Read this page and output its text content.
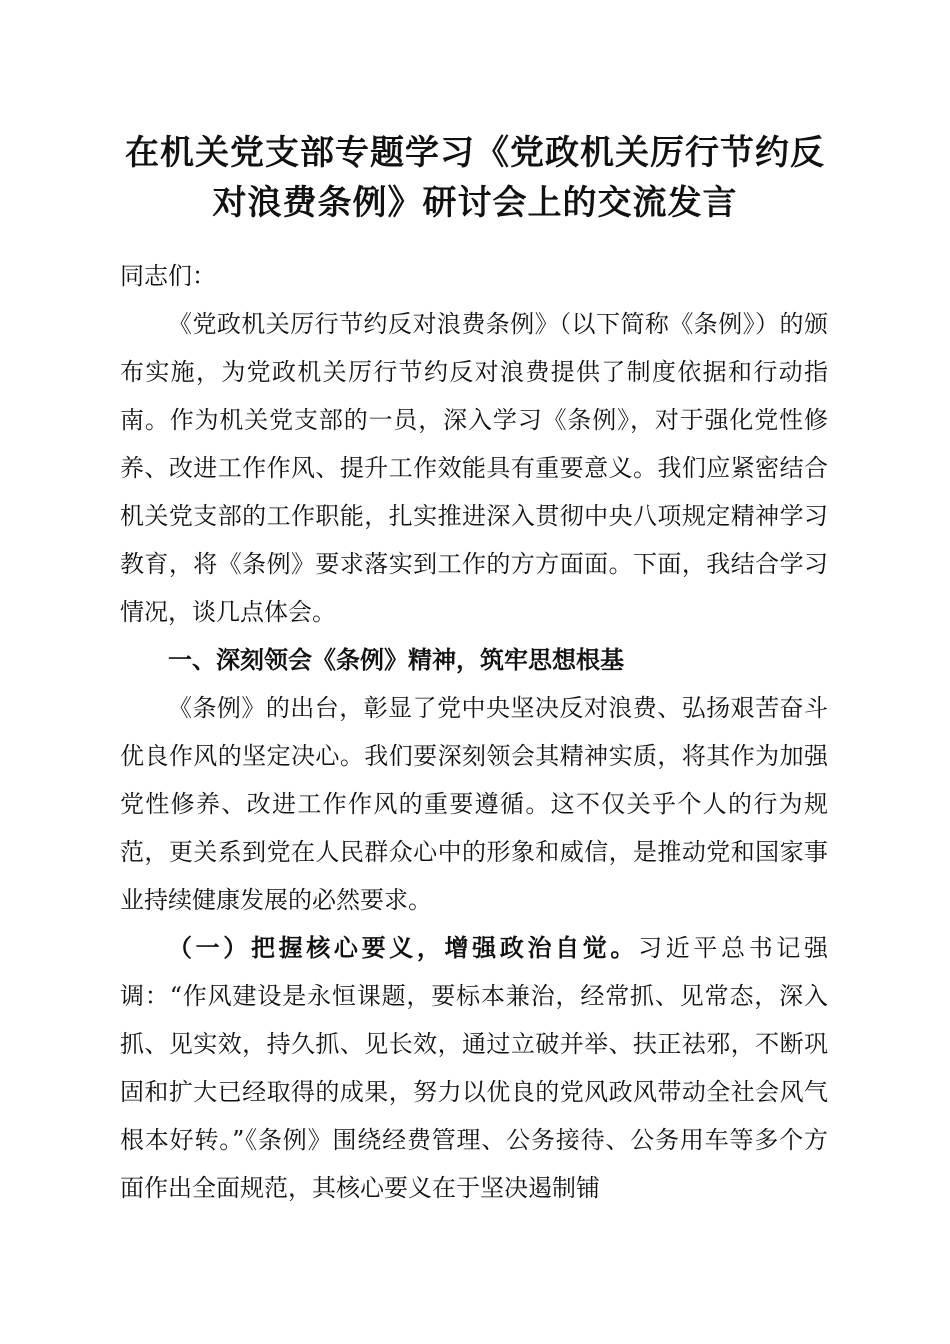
在机关党支部专题学习《党政机关厉行节约反
对浪费条例》研讨会上的交流发言

同志们：

《党政机关厉行节约反对浪费条例》（以下简称《条例》）的颁布实施，为党政机关厉行节约反对浪费提供了制度依据和行动指南。作为机关党支部的一员，深入学习《条例》，对于强化党性修养、改进工作作风、提升工作效能具有重要意义。我们应紧密结合机关党支部的工作职能，扎实推进深入贯彻中央八项规定精神学习教育，将《条例》要求落实到工作的方方面面。下面，我结合学习情况，谈几点体会。

一、深刻领会《条例》精神，筑牢思想根基

《条例》的出台，彰显了党中央坚决反对浪费、弘扬艰苦奋斗优良作风的坚定决心。我们要深刻领会其精神实质，将其作为加强党性修养、改进工作作风的重要遵循。这不仅关乎个人的行为规范，更关系到党在人民群众心中的形象和威信，是推动党和国家事业持续健康发展的必然要求。

（一）把握核心要义，增强政治自觉。习近平总书记强调：“作风建设是永恒课题，要标本兼治，经常抓、见常态，深入抓、见实效，持久抓、见长效，通过立破并举、扶正祛邪，不断巩固和扩大已经取得的成果，努力以优良的党风政风带动全社会风气根本好转。”《条例》围绕经费管理、公务接待、公务用车等多个方面作出全面规范，其核心要义在于坚决遏制铺
